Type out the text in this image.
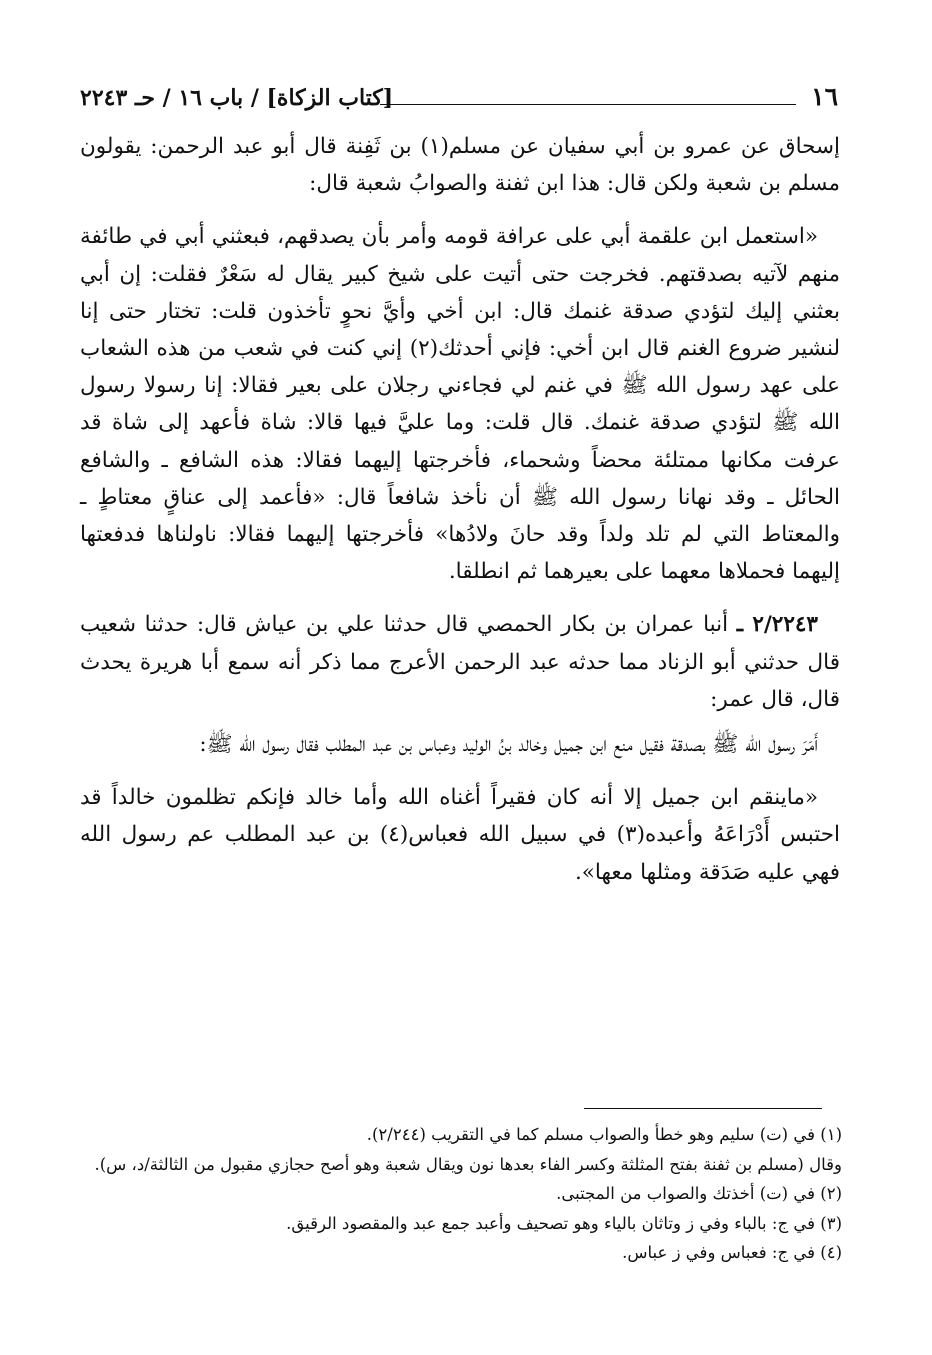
١٦
[كتاب الزكاة] / باب ١٦ / حـ ٢٢٤٣

إسحاق عن عمرو بن أبي سفيان عن مسلم(١) بن ثَفِنة قال أبو عبد الرحمن: يقولون مسلم بن شعبة ولكن قال: هذا ابن ثفنة والصوابُ شعبة قال:

«استعمل ابن علقمة أبي على عرافة قومه وأمر بأن يصدقهم، فبعثني أبي في طائفة منهم لآتيه بصدقتهم. فخرجت حتى أتيت على شيخ كبير يقال له سَعْرٌ فقلت: إن أبي بعثني إليك لتؤدي صدقة غنمك قال: ابن أخي وأيَّ نحوٍ تأخذون قلت: تختار حتى إنا لنشير ضروع الغنم قال ابن أخي: فإني أحدثك(٢) إني كنت في شعب من هذه الشعاب على عهد رسول الله ﷺ في غنم لي فجاءني رجلان على بعير فقالا: إنا رسولا رسول الله ﷺ لتؤدي صدقة غنمك. قال قلت: وما عليَّ فيها قالا: شاة فأعهد إلى شاة قد عرفت مكانها ممتلئة محضاً وشحماء، فأخرجتها إليهما فقالا: هذه الشافع ـ والشافع الحائل ـ وقد نهانا رسول الله ﷺ أن نأخذ شافعاً قال: «فأعمد إلى عناقٍ معتاطٍ ـ والمعتاط التي لم تلد ولداً وقد حانَ ولادُها» فأخرجتها إليهما فقالا: ناولناها فدفعتها إليهما فحملاها معهما على بعيرهما ثم انطلقا.

٢/٢٢٤٣ ـ أنبا عمران بن بكار الحمصي قال حدثنا علي بن عياش قال: حدثنا شعيب قال حدثني أبو الزناد مما حدثه عبد الرحمن الأعرج مما ذكر أنه سمع أبا هريرة يحدث قال، قال عمر:

أَمَرَ رسول الله ﷺ بصدقة فقيل منع ابن جميل وخالد بنُ الوليد وعباس بن عبد المطلب فقال رسول الله ﷺ:

«ماينقم ابن جميل إلا أنه كان فقيراً أغناه الله وأما خالد فإنكم تظلمون خالداً قد احتبس أَدْرَاعَهُ وأعبده(٣) في سبيل الله فعباس(٤) بن عبد المطلب عم رسول الله فهي عليه صَدَقة ومثلها معها».

(١) في (ت) سليم وهو خطأ والصواب مسلم كما في التقريب (٢/٢٤٤).

وقال (مسلم بن ثفنة بفتح المثلثة وكسر الفاء بعدها نون ويقال شعبة وهو أصح حجازي مقبول من الثالثة/د، س).

(٢) في (ت) أخذتك والصواب من المجتبى.

(٣) في ج: بالباء وفي ز وتاثان بالياء وهو تصحيف وأعبد جمع عبد والمقصود الرقيق.

(٤) في ج: فعباس وفي ز عباس.
